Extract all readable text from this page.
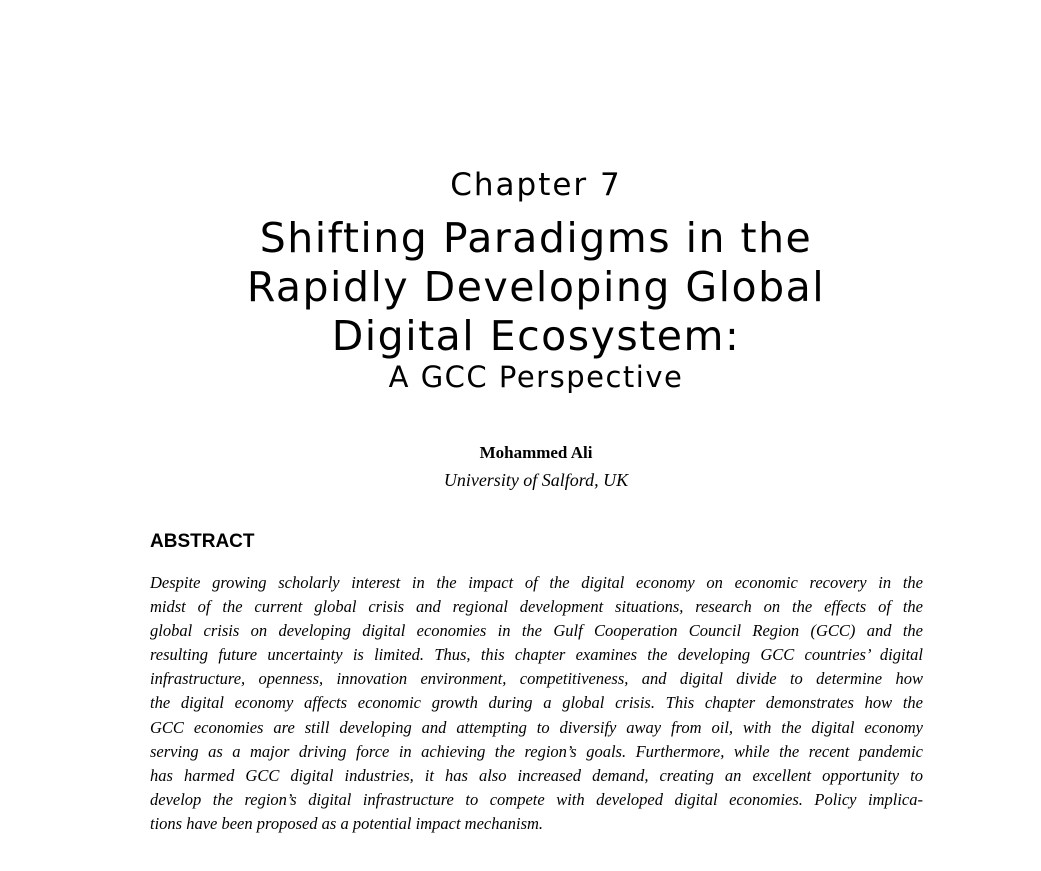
Chapter 7
Shifting Paradigms in the
Rapidly Developing Global
Digital Ecosystem:
A GCC Perspective
Mohammed Ali
University of Salford, UK
ABSTRACT
Despite growing scholarly interest in the impact of the digital economy on economic recovery in the
midst of the current global crisis and regional development situations, research on the effects of the
global crisis on developing digital economies in the Gulf Cooperation Council Region (GCC) and the
resulting future uncertainty is limited. Thus, this chapter examines the developing GCC countries’ digital
infrastructure, openness, innovation environment, competitiveness, and digital divide to determine how
the digital economy affects economic growth during a global crisis. This chapter demonstrates how the
GCC economies are still developing and attempting to diversify away from oil, with the digital economy
serving as a major driving force in achieving the region’s goals. Furthermore, while the recent pandemic
has harmed GCC digital industries, it has also increased demand, creating an excellent opportunity to
develop the region’s digital infrastructure to compete with developed digital economies. Policy implica-
tions have been proposed as a potential impact mechanism.
